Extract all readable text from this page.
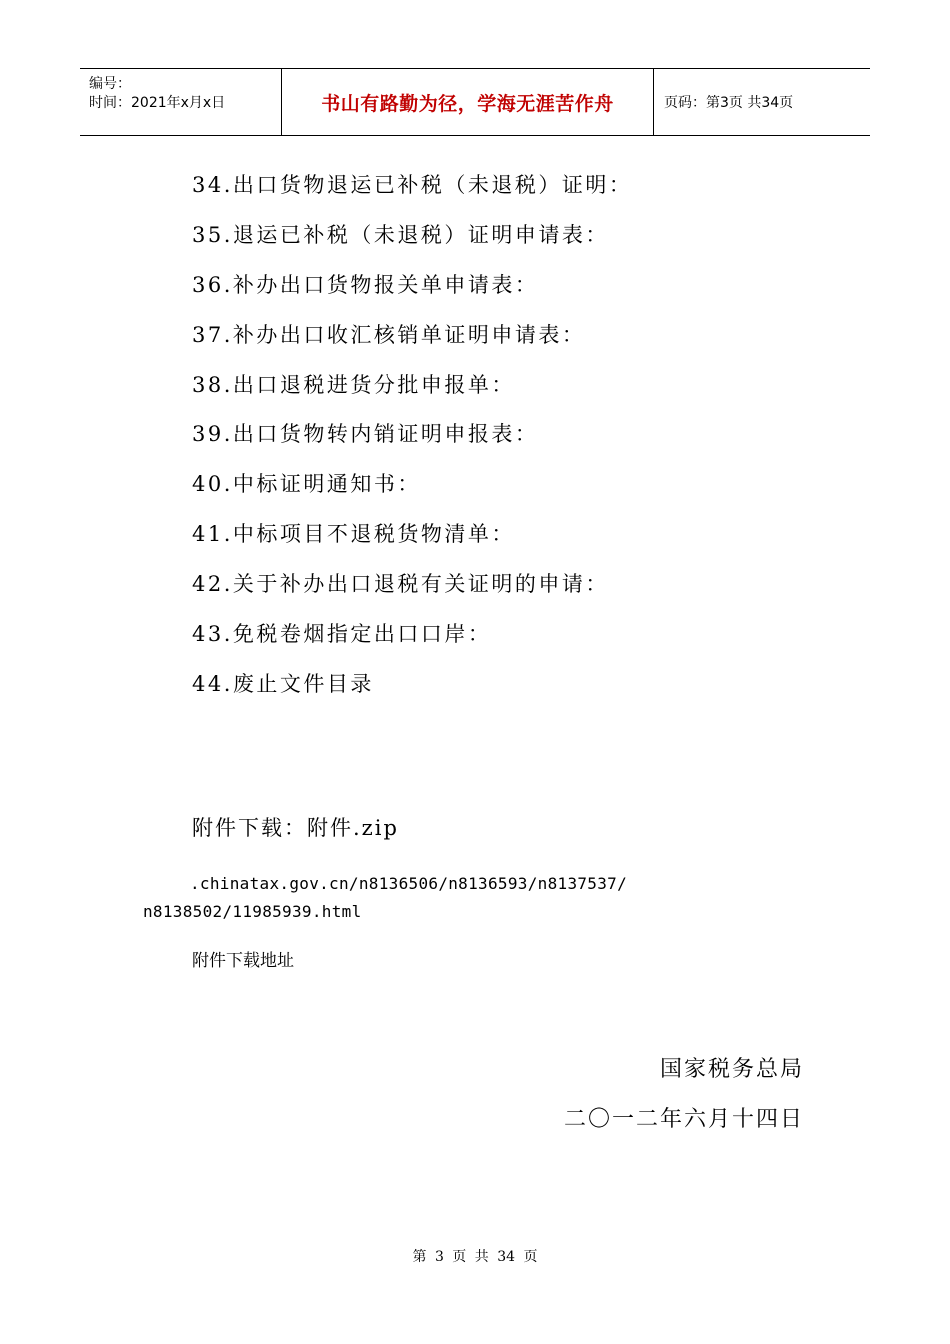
编号：
时间：2021年x月x日	书山有路勤为径，学海无涯苦作舟	页码：第3页 共34页
34.出口货物退运已补税（未退税）证明：
35.退运已补税（未退税）证明申请表：
36.补办出口货物报关单申请表：
37.补办出口收汇核销单证明申请表：
38.出口退税进货分批申报单：
39.出口货物转内销证明申报表：
40.中标证明通知书：
41.中标项目不退税货物清单：
42.关于补办出口退税有关证明的申请：
43.免税卷烟指定出口口岸：
44.废止文件目录
附件下载：附件.zip
.chinatax.gov.cn/n8136506/n8136593/n8137537/
n8138502/11985939.html
附件下载地址
国家税务总局
二〇一二年六月十四日
第 3 页 共 34 页
